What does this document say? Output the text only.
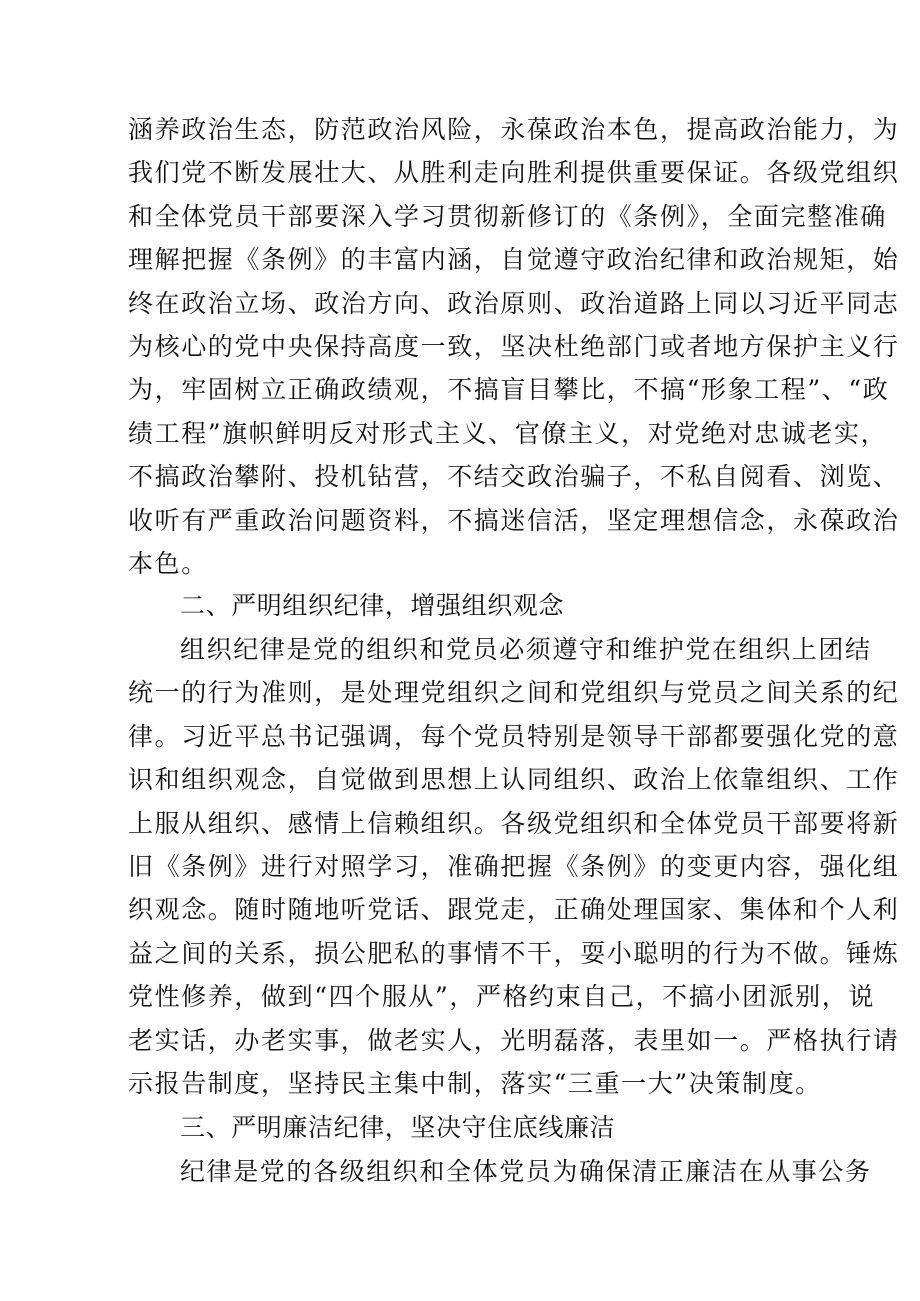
涵养政治生态，防范政治风险，永葆政治本色，提高政治能力，为
我们党不断发展壮大、从胜利走向胜利提供重要保证。各级党组织
和全体党员干部要深入学习贯彻新修订的《条例》，全面完整准确
理解把握《条例》的丰富内涵，自觉遵守政治纪律和政治规矩，始
终在政治立场、政治方向、政治原则、政治道路上同以习近平同志
为核心的党中央保持高度一致，坚决杜绝部门或者地方保护主义行
为，牢固树立正确政绩观，不搞盲目攀比，不搞“形象工程”、“政
绩工程”旗帜鲜明反对形式主义、官僚主义，对党绝对忠诚老实，
不搞政治攀附、投机钻营，不结交政治骗子，不私自阅看、浏览、
收听有严重政治问题资料，不搞迷信活，坚定理想信念，永葆政治
本色。
二、严明组织纪律，增强组织观念
组织纪律是党的组织和党员必须遵守和维护党在组织上团结
统一的行为准则，是处理党组织之间和党组织与党员之间关系的纪
律。习近平总书记强调，每个党员特别是领导干部都要强化党的意
识和组织观念，自觉做到思想上认同组织、政治上依靠组织、工作
上服从组织、感情上信赖组织。各级党组织和全体党员干部要将新
旧《条例》进行对照学习，准确把握《条例》的变更内容，强化组
织观念。随时随地听党话、跟党走，正确处理国家、集体和个人利
益之间的关系，损公肥私的事情不干，耍小聪明的行为不做。锤炼
党性修养，做到“四个服从”，严格约束自己，不搞小团派别，说
老实话，办老实事，做老实人，光明磊落，表里如一。严格执行请
示报告制度，坚持民主集中制，落实“三重一大”决策制度。
三、严明廉洁纪律，坚决守住底线廉洁
纪律是党的各级组织和全体党员为确保清正廉洁在从事公务
